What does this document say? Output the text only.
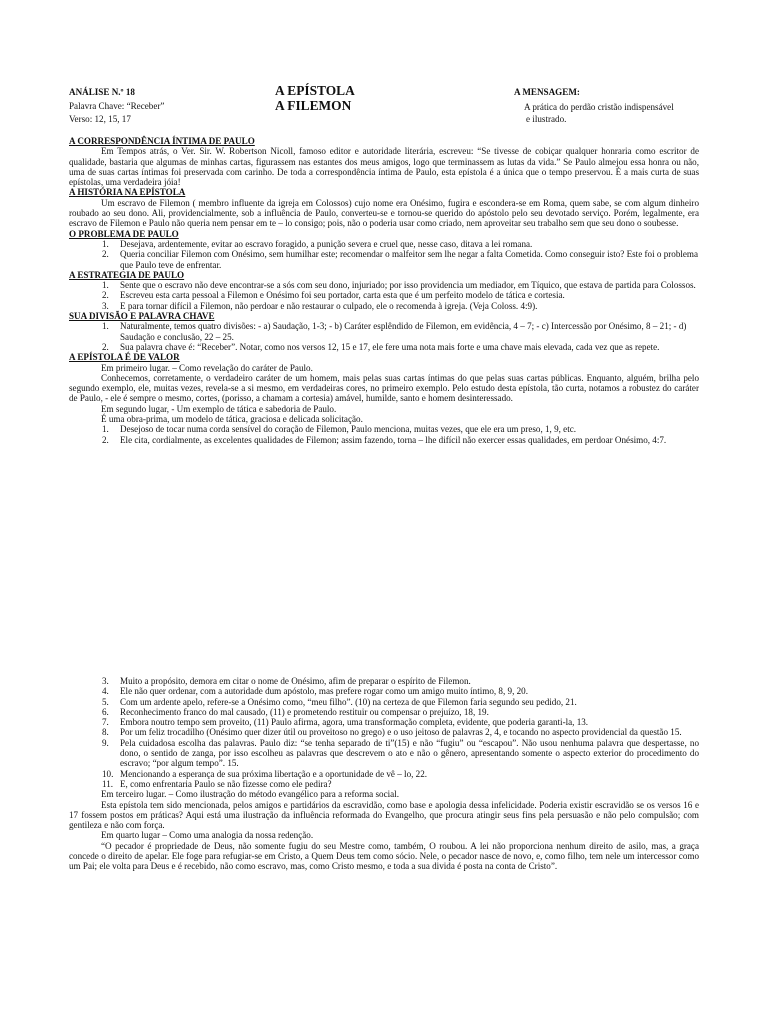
ANÁLISE N.º 18
Palavra Chave: “Receber”
Verso: 12, 15, 17
A EPÍSTOLA
A FILEMON
A MENSAGEM:
A prática do perdão cristão indispensável
e ilustrado.
A CORRESPONDÊNCIA ÍNTIMA DE PAULO
Em Tempos atrás, o Ver. Sir. W. Robertson Nicoll, famoso editor e autoridade literária, escreveu: “Se tivesse de cobiçar qualquer honraria como escritor de qualidade, bastaria que algumas de minhas cartas, figurassem nas estantes dos meus amigos, logo que terminassem as lutas da vida.” Se Paulo almejou essa honra ou não, uma de suas cartas íntimas foi preservada com carinho. De toda a correspondência íntima de Paulo, esta epístola é a única que o tempo preservou. É a mais curta de suas epístolas, uma verdadeira jóia!
A HISTÓRIA NA EPÍSTOLA
Um escravo de Filemon ( membro influente da igreja em Colossos) cujo nome era Onésimo, fugira e escondera-se em Roma, quem sabe, se com algum dinheiro roubado ao seu dono. Ali, providencialmente, sob a influência de Paulo, converteu-se e tornou-se querido do apóstolo pelo seu devotado serviço. Porém, legalmente, era escravo de Filemon e Paulo não queria nem pensar em te – lo consigo; pois, não o poderia usar como criado, nem aproveitar seu trabalho sem que seu dono o soubesse.
O PROBLEMA DE PAULO
1. Desejava, ardentemente, evitar ao escravo foragido, a punição severa e cruel que, nesse caso, ditava a lei romana.
2. Queria conciliar Filemon com Onésimo, sem humilhar este; recomendar o malfeitor sem lhe negar a falta Cometida. Como conseguir isto? Este foi o problema que Paulo teve de enfrentar.
A ESTRATEGIA DE PAULO
1. Sente que o escravo não deve encontrar-se a sós com seu dono, injuriado; por isso providencia um mediador, em Tíquico, que estava de partida para Colossos.
2. Escreveu esta carta pessoal a Filemon e Onésimo foi seu portador, carta esta que é um perfeito modelo de tática e cortesia.
3. E para tornar difícil a Filemon, não perdoar e não restaurar o culpado, ele o recomenda à igreja. (Veja Coloss. 4:9).
SUA DIVISÃO E PALAVRA CHAVE
1. Naturalmente, temos quatro divisões: - a) Saudação, 1-3; - b) Caráter esplêndido de Filemon, em evidência, 4 – 7; - c) Intercessão por Onésimo, 8 – 21; - d) Saudação e conclusão, 22 – 25.
2. Sua palavra chave é: “Receber”. Notar, como nos versos 12, 15 e 17, ele fere uma nota mais forte e uma chave mais elevada, cada vez que as repete.
A EPÍSTOLA É DE VALOR
Em primeiro lugar. – Como revelação do caráter de Paulo.
Conhecemos, corretamente, o verdadeiro caráter de um homem, mais pelas suas cartas íntimas do que pelas suas cartas públicas. Enquanto, alguém, brilha pelo segundo exemplo, ele, muitas vezes, revela-se a si mesmo, em verdadeiras cores, no primeiro exemplo. Pelo estudo desta epístola, tão curta, notamos a robustez do caráter de Paulo, - ele é sempre o mesmo, cortes, (porisso, a chamam a cortesia) amável, humilde, santo e homem desinteressado.
Em segundo lugar, - Um exemplo de tática e sabedoria de Paulo.
É uma obra-prima, um modelo de tática, graciosa e delicada solicitação.
1. Desejoso de tocar numa corda sensível do coração de Filemon, Paulo menciona, muitas vezes, que ele era um preso, 1, 9, etc.
2. Ele cita, cordialmente, as excelentes qualidades de Filemon; assim fazendo, torna – lhe difícil não exercer essas qualidades, em perdoar Onésimo, 4:7.
3. Muito a propósito, demora em citar o nome de Onésimo, afim de preparar o espírito de Filemon.
4. Ele não quer ordenar, com a autoridade dum apóstolo, mas prefere rogar como um amigo muito íntimo, 8, 9, 20.
5. Com um ardente apelo, refere-se a Onésimo como, “meu filho”. (10) na certeza de que Filemon faria segundo seu pedido, 21.
6. Reconhecimento franco do mal causado, (11) e prometendo restituir ou compensar o prejuízo, 18, 19.
7. Embora noutro tempo sem proveito, (11) Paulo afirma, agora, uma transformação completa, evidente, que poderia garanti-la, 13.
8. Por um feliz trocadilho (Onésimo quer dizer útil ou proveitoso no grego) e o uso jeitoso de palavras 2, 4, e tocando no aspecto providencial da questão 15.
9. Pela cuidadosa escolha das palavras. Paulo diz: “se tenha separado de ti”(15) e não “fugiu” ou “escapou”. Não usou nenhuma palavra que despertasse, no dono, o sentido de zanga, por isso escolheu as palavras que descrevem o ato e não o gênero, apresentando somente o aspecto exterior do procedimento do escravo; “por algum tempo”. 15.
10. Mencionando a esperança de sua próxima libertação e a oportunidade de vê – lo, 22.
11. E, como enfrentaria Paulo se não fizesse como ele pedira?
Em terceiro lugar. – Como ilustração do método evangélico para a reforma social.
Esta epístola tem sido mencionada, pelos amigos e partidários da escravidão, como base e apologia dessa infelicidade. Poderia existir escravidão se os versos 16 e 17 fossem postos em práticas? Aqui está uma ilustração da influência reformada do Evangelho, que procura atingir seus fins pela persuasão e não pelo compulsão; com gentileza e não com força.
Em quarto lugar – Como uma analogia da nossa redenção.
“O pecador é propriedade de Deus, não somente fugiu do seu Mestre como, também, O roubou. A lei não proporciona nenhum direito de asilo, mas, a graça concede o direito de apelar. Ele foge para refugiar-se em Cristo, a Quem Deus tem como sócio. Nele, o pecador nasce de novo, e, como filho, tem nele um intercessor como um Pai; ele volta para Deus e é recebido, não como escravo, mas, como Cristo mesmo, e toda a sua divida é posta na conta de Cristo”.
